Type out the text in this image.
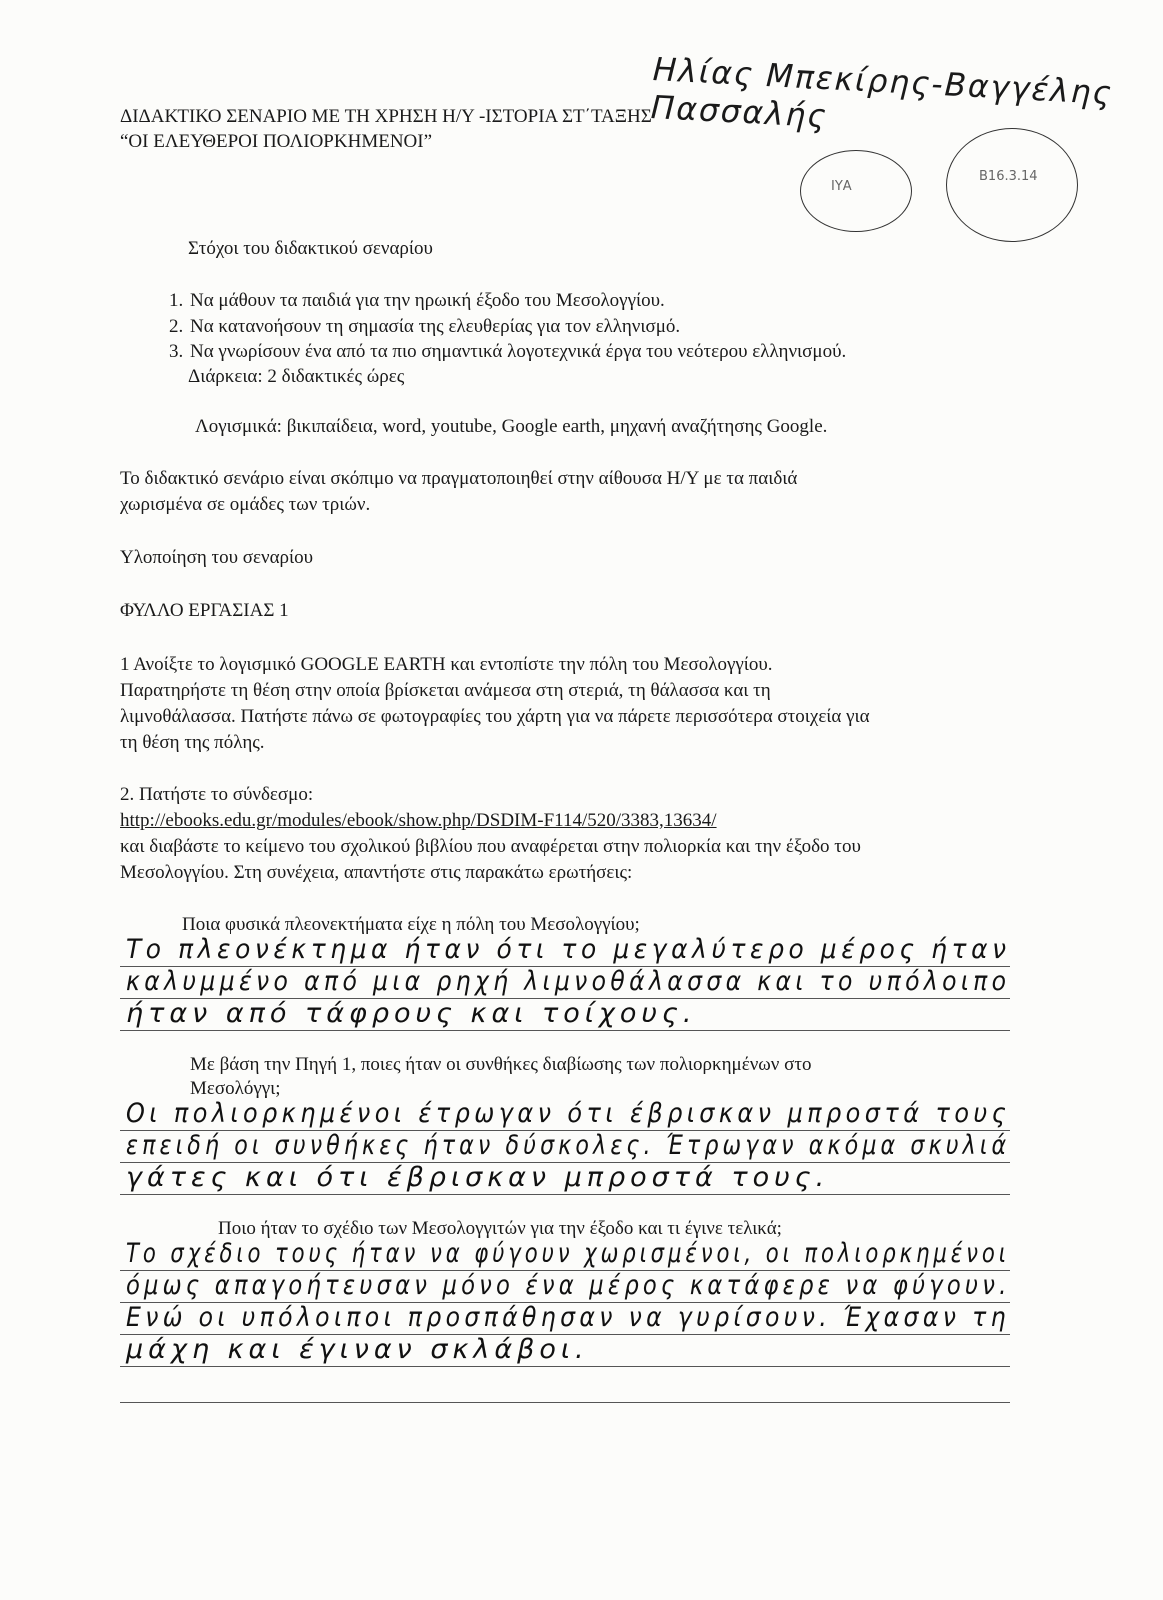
Ηλίας Μπεκίρης-Βαγγέλης Πασσαλής
ΙΥΑ
Β16.3.14

ΔΙΔΑΚΤΙΚΟ ΣΕΝΑΡΙΟ ΜΕ ΤΗ ΧΡΗΣΗ Η/Υ -ΙΣΤΟΡΙΑ ΣΤ΄ΤΑΞΗΣ

“ΟΙ ΕΛΕΥΘΕΡΟΙ ΠΟΛΙΟΡΚΗΜΕΝΟΙ”

Στόχοι του διδακτικού σεναρίου

1. Να μάθουν τα παιδιά για την ηρωική έξοδο του Μεσολογγίου.
2. Να κατανοήσουν τη σημασία της ελευθερίας για τον ελληνισμό.
3. Να γνωρίσουν ένα από τα πιο σημαντικά λογοτεχνικά έργα του νεότερου ελληνισμού.

Διάρκεια: 2 διδακτικές ώρες

Λογισμικά: βικιπαίδεια, word, youtube, Google earth, μηχανή αναζήτησης Google.

Το διδακτικό σενάριο είναι σκόπιμο να πραγματοποιηθεί στην αίθουσα Η/Υ με τα παιδιά

χωρισμένα σε ομάδες των τριών.

Υλοποίηση του σεναρίου

ΦΥΛΛΟ ΕΡΓΑΣΙΑΣ 1

1 Ανοίξτε το λογισμικό GOOGLE EARTH και εντοπίστε την πόλη του Μεσολογγίου.

Παρατηρήστε τη θέση στην οποία βρίσκεται ανάμεσα στη στεριά, τη θάλασσα και τη

λιμνοθάλασσα. Πατήστε πάνω σε φωτογραφίες του χάρτη για να πάρετε περισσότερα στοιχεία για

τη θέση της πόλης.

2. Πατήστε το σύνδεσμο:

http://ebooks.edu.gr/modules/ebook/show.php/DSDIM-F114/520/3383,13634/

και διαβάστε το κείμενο του σχολικού βιβλίου που αναφέρεται στην πολιορκία και την έξοδο του

Μεσολογγίου. Στη συνέχεια, απαντήστε στις παρακάτω ερωτήσεις:

Ποια φυσικά πλεονεκτήματα είχε η πόλη του Μεσολογγίου;

Το πλεονέκτημα ήταν ότι το μεγαλύτερο μέρος ήταν
καλυμμένο από μια ρηχή λιμνοθάλασσα και το υπόλοιπο
ήταν από τάφρους και τοίχους.

Με βάση την Πηγή 1, ποιες ήταν οι συνθήκες διαβίωσης των πολιορκημένων στο

Μεσολόγγι;

Οι πολιορκημένοι έτρωγαν ότι έβρισκαν μπροστά τους
επειδή οι συνθήκες ήταν δύσκολες. Έτρωγαν ακόμα σκυλιά
γάτες και ότι έβρισκαν μπροστά τους.

Ποιο ήταν το σχέδιο των Μεσολογγιτών για την έξοδο και τι έγινε τελικά;

Το σχέδιο τους ήταν να φύγουν χωρισμένοι, οι πολιορκημένοι
όμως απαγοήτευσαν μόνο ένα μέρος κατάφερε να φύγουν.
Ενώ οι υπόλοιποι προσπάθησαν να γυρίσουν. Έχασαν τη
μάχη και έγιναν σκλάβοι.
